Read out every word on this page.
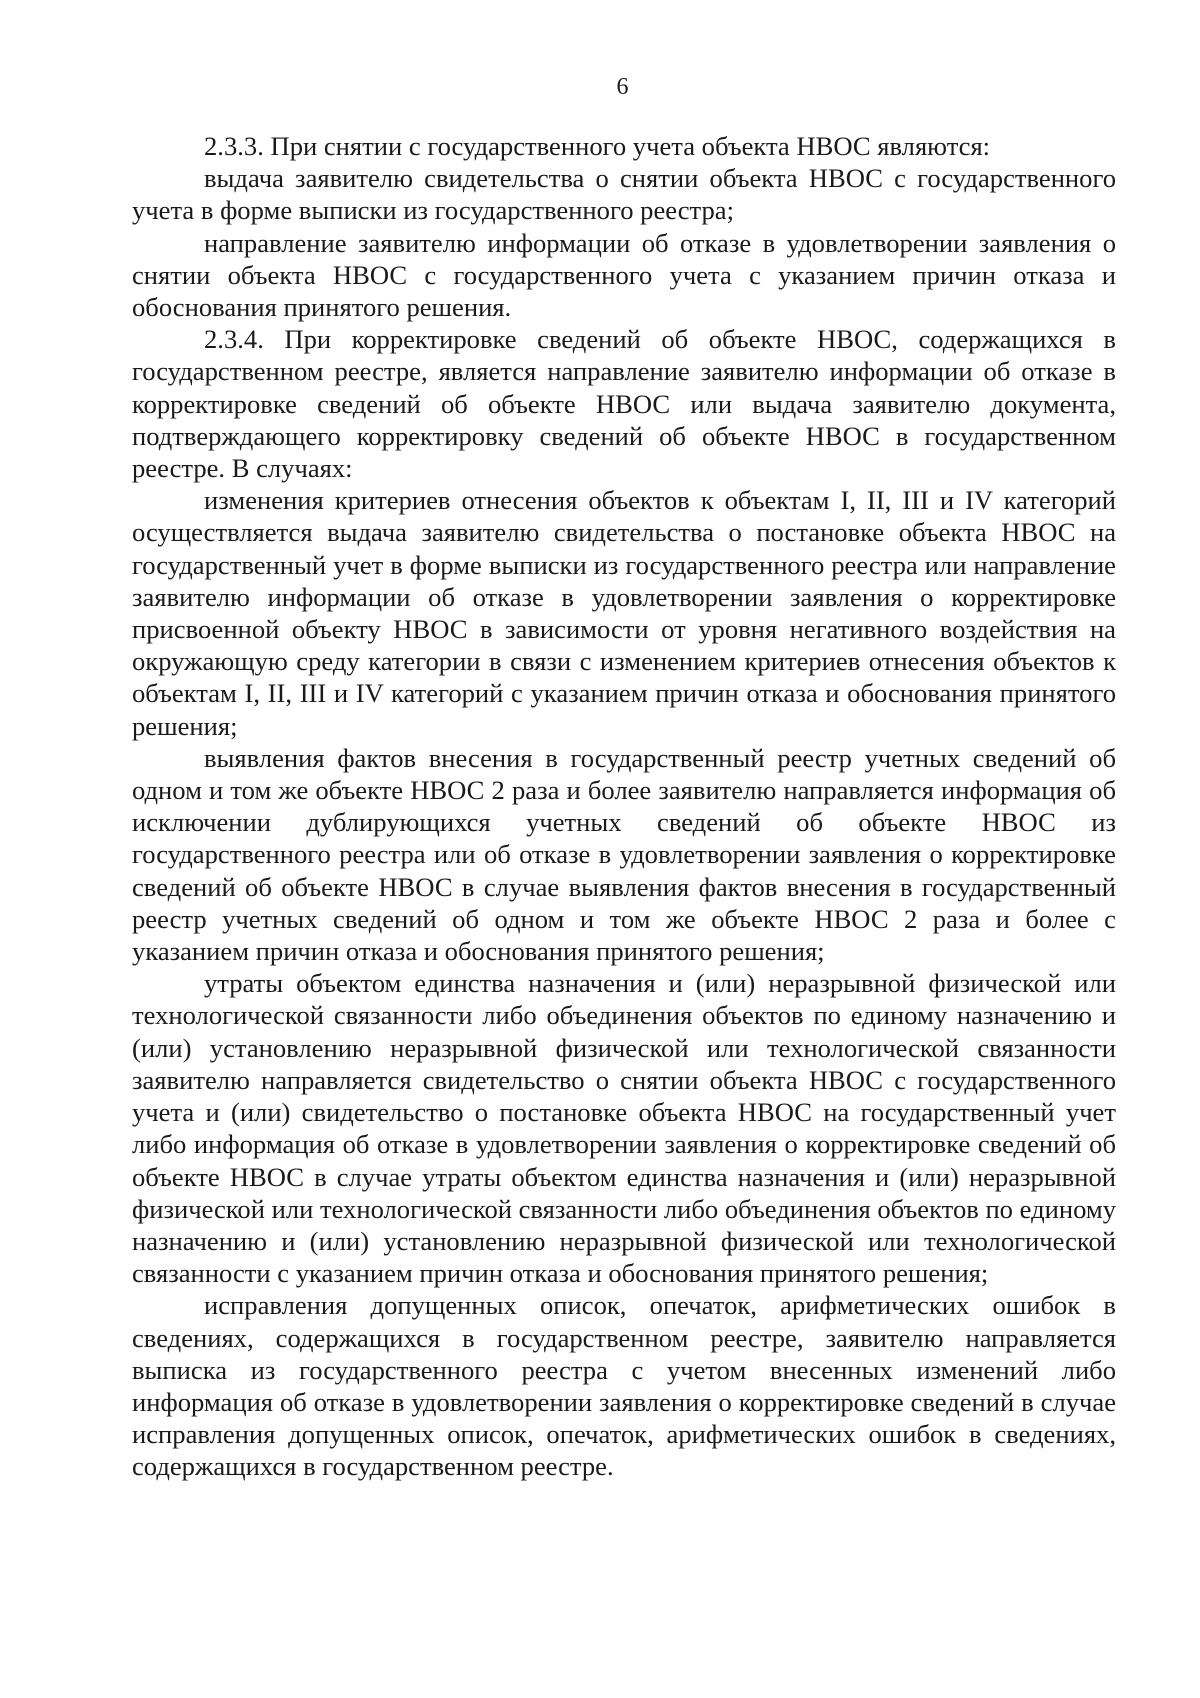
6

2.3.3. При снятии с государственного учета объекта НВОС являются:

выдача заявителю свидетельства о снятии объекта НВОС с государственного учета в форме выписки из государственного реестра;

направление заявителю информации об отказе в удовлетворении заявления о снятии объекта НВОС с государственного учета с указанием причин отказа и обоснования принятого решения.

2.3.4. При корректировке сведений об объекте НВОС, содержащихся в государственном реестре, является направление заявителю информации об отказе в корректировке сведений об объекте НВОС или выдача заявителю документа, подтверждающего корректировку сведений об объекте НВОС в государственном реестре. В случаях:

изменения критериев отнесения объектов к объектам I, II, III и IV категорий осуществляется выдача заявителю свидетельства о постановке объекта НВОС на государственный учет в форме выписки из государственного реестра или направление заявителю информации об отказе в удовлетворении заявления о корректировке присвоенной объекту НВОС в зависимости от уровня негативного воздействия на окружающую среду категории в связи с изменением критериев отнесения объектов к объектам I, II, III и IV категорий с указанием причин отказа и обоснования принятого решения;

выявления фактов внесения в государственный реестр учетных сведений об одном и том же объекте НВОС 2 раза и более заявителю направляется информация об исключении дублирующихся учетных сведений об объекте НВОС из государственного реестра или об отказе в удовлетворении заявления о корректировке сведений об объекте НВОС в случае выявления фактов внесения в государственный реестр учетных сведений об одном и том же объекте НВОС 2 раза и более с указанием причин отказа и обоснования принятого решения;

утраты объектом единства назначения и (или) неразрывной физической или технологической связанности либо объединения объектов по единому назначению и (или) установлению неразрывной физической или технологической связанности заявителю направляется свидетельство о снятии объекта НВОС с государственного учета и (или) свидетельство о постановке объекта НВОС на государственный учет либо информация об отказе в удовлетворении заявления о корректировке сведений об объекте НВОС в случае утраты объектом единства назначения и (или) неразрывной физической или технологической связанности либо объединения объектов по единому назначению и (или) установлению неразрывной физической или технологической связанности с указанием причин отказа и обоснования принятого решения;

исправления допущенных описок, опечаток, арифметических ошибок в сведениях, содержащихся в государственном реестре, заявителю направляется выписка из государственного реестра с учетом внесенных изменений либо информация об отказе в удовлетворении заявления о корректировке сведений в случае исправления допущенных описок, опечаток, арифметических ошибок в сведениях, содержащихся в государственном реестре.
